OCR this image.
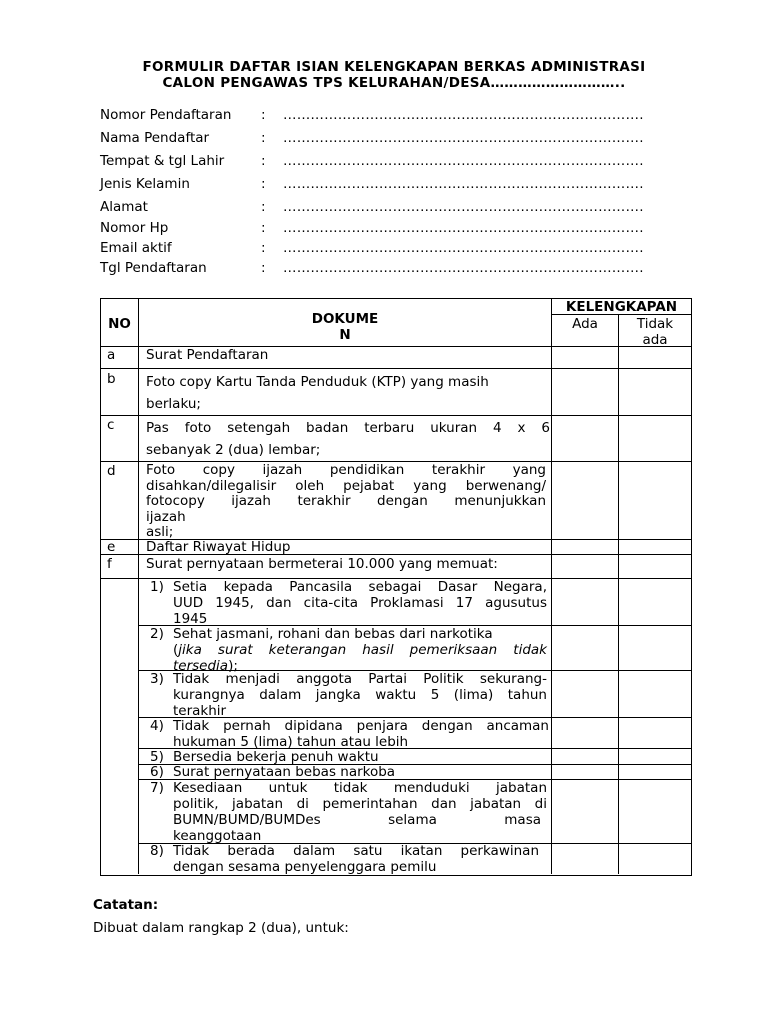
FORMULIR DAFTAR ISIAN KELENGKAPAN BERKAS ADMINISTRASI
CALON PENGAWAS TPS KELURAHAN/DESA………………………..
Nomor Pendaftaran : …………………………………………………………………….
Nama Pendaftar	: …………………………………………………………………….
Tempat & tgl Lahir	: …………………………………………………………………….
Jenis Kelamin	: …………………………………………………………………….
Alamat	: …………………………………………………………………….
Nomor Hp	: …………………………………………………………………….
Email aktif	: …………………………………………………………………….
Tgl Pendaftaran	: …………………………………………………………………….
NO	DOKUME
N
KELENGKAPAN
Ada	Tidak
ada
a Surat Pendaftaran
b Foto copy Kartu Tanda Penduduk (KTP) yang masih
berlaku;
c Pas foto setengah badan terbaru ukuran 4 x 6
sebanyak 2 (dua) lembar;
d Foto copy ijazah pendidikan terakhir yang
disahkan/dilegalisir oleh pejabat yang berwenang/
fotocopy ijazah terakhir dengan menunjukkan
ijazah
asli;
e Daftar Riwayat Hidup
f	Surat pernyataan bermeterai 10.000 yang memuat:
1) Setia kepada Pancasila sebagai Dasar Negara,
UUD 1945, dan cita-cita Proklamasi 17 agusutus
1945
2) Sehat jasmani, rohani dan bebas dari narkotika
(jika surat keterangan hasil pemeriksaan tidak
tersedia);
3) Tidak menjadi anggota Partai Politik sekurang-
kurangnya dalam jangka waktu 5 (lima) tahun
terakhir
4) Tidak pernah dipidana penjara dengan ancaman
hukuman 5 (lima) tahun atau lebih
5) Bersedia bekerja penuh waktu
6) Surat pernyataan bebas narkoba
7) Kesediaan untuk tidak menduduki jabatan
politik, jabatan di pemerintahan dan jabatan di
BUMN/BUMD/BUMDes selama masa
keanggotaan
8) Tidak berada dalam satu ikatan perkawinan
dengan sesama penyelenggara pemilu
Catatan:
Dibuat dalam rangkap 2 (dua), untuk:
